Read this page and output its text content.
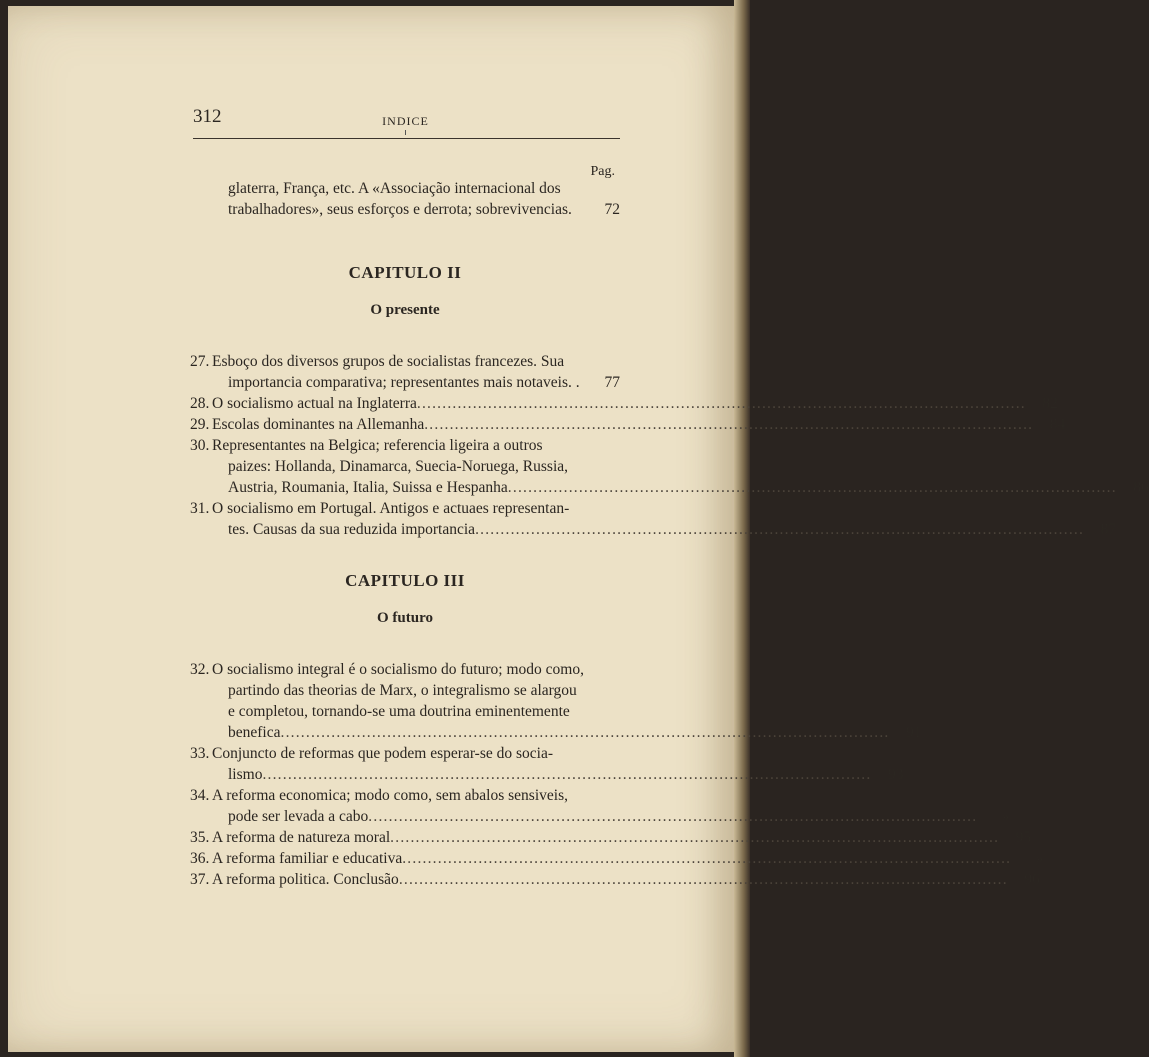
312	INDICE
Pag.
glaterra, França, etc. A «Associação internacional dos
trabalhadores», seus esforços e derrota; sobrevivencias.	72
CAPITULO II
O presente
27. Esboço dos diversos grupos de socialistas francezes. Sua
importancia comparativa; representantes mais notaveis. .	77
28. O socialismo actual na Inglaterra........................................................................................................................	82
29. Escolas dominantes na Allemanha........................................................................................................................	84
30. Representantes na Belgica; referencia ligeira a outros
paizes: Hollanda, Dinamarca, Suecia-Noruega, Russia,
Austria, Roumania, Italia, Suissa e Hespanha........................................................................................................................	86
31. O socialismo em Portugal. Antigos e actuaes representan-
tes. Causas da sua reduzida importancia........................................................................................................................	87
CAPITULO III
O futuro
32. O socialismo integral é o socialismo do futuro; modo como,
partindo das theorias de Marx, o integralismo se alargou
e completou, tornando-se uma doutrina eminentemente
benefica........................................................................................................................	91
33. Conjuncto de reformas que podem esperar-se do socia-
lismo........................................................................................................................	93
34. A reforma economica; modo como, sem abalos sensiveis,
pode ser levada a cabo........................................................................................................................	»
35. A reforma de natureza moral........................................................................................................................	95
36. A reforma familiar e educativa........................................................................................................................	»
37. A reforma politica. Conclusão........................................................................................................................	96
